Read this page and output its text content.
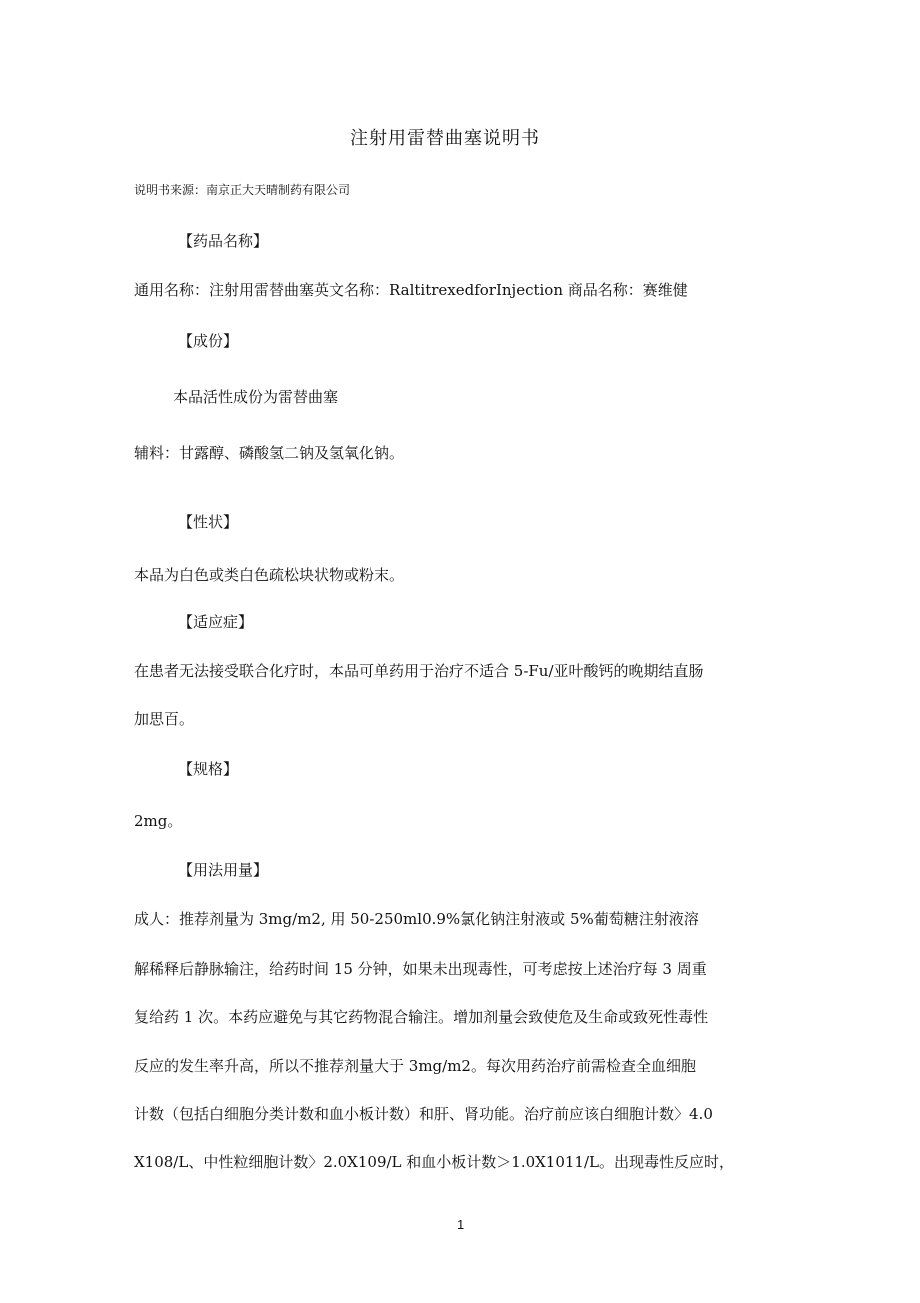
注射用雷替曲塞说明书
说明书来源：南京正大天晴制药有限公司
【药品名称】
通用名称：注射用雷替曲塞英文名称：RaltitrexedforInjection 商品名称：赛维健
【成份】
本品活性成份为雷替曲塞
辅料：甘露醇、磷酸氢二钠及氢氧化钠。
【性状】
本品为白色或类白色疏松块状物或粉末。
【适应症】
在患者无法接受联合化疗时，本品可单药用于治疗不适合 5-Fu/亚叶酸钙的晚期结直肠
加思百。
【规格】
2mg。
【用法用量】
成人：推荐剂量为 3mg/m2, 用 50-250ml0.9%氯化钠注射液或 5%葡萄糖注射液溶
解稀释后静脉输注，给药时间 15 分钟，如果未出现毒性，可考虑按上述治疗每 3 周重
复给药 1 次。本药应避免与其它药物混合输注。增加剂量会致使危及生命或致死性毒性
反应的发生率升高，所以不推荐剂量大于 3mg/m2。每次用药治疗前需检查全血细胞
计数（包括白细胞分类计数和血小板计数）和肝、肾功能。治疗前应该白细胞计数〉4.0
X108/L、中性粒细胞计数〉2.0X109/L 和血小板计数＞1.0X1011/L。出现毒性反应时，
1
